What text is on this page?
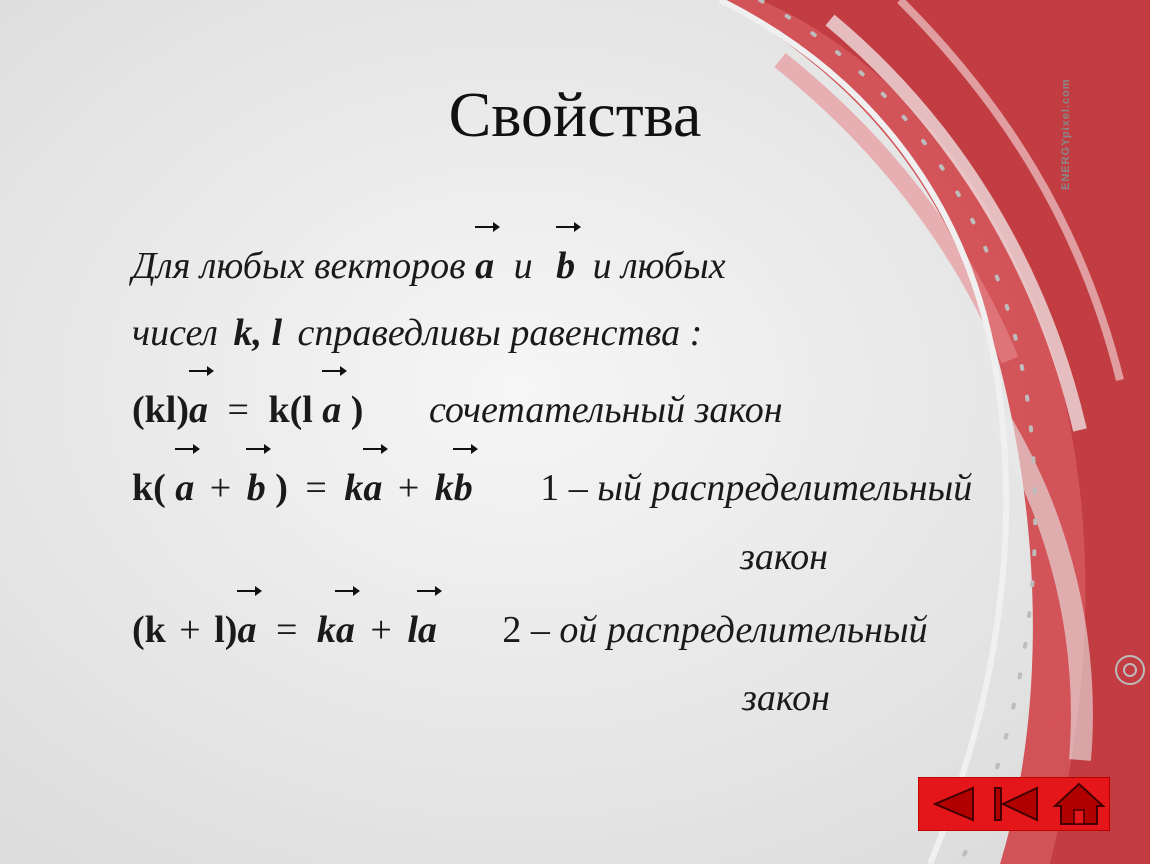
ENERGYpixel.com
Свойства
Для любых векторов a и b и любых
чисел k, l справедливы равенства :
(kl)a = k(l a ) сочетательный закон
k( a + b ) = ka + kb 1 – ый распределительный
закон
(k + l)a = ka + la 2 – ой распределительный
закон
